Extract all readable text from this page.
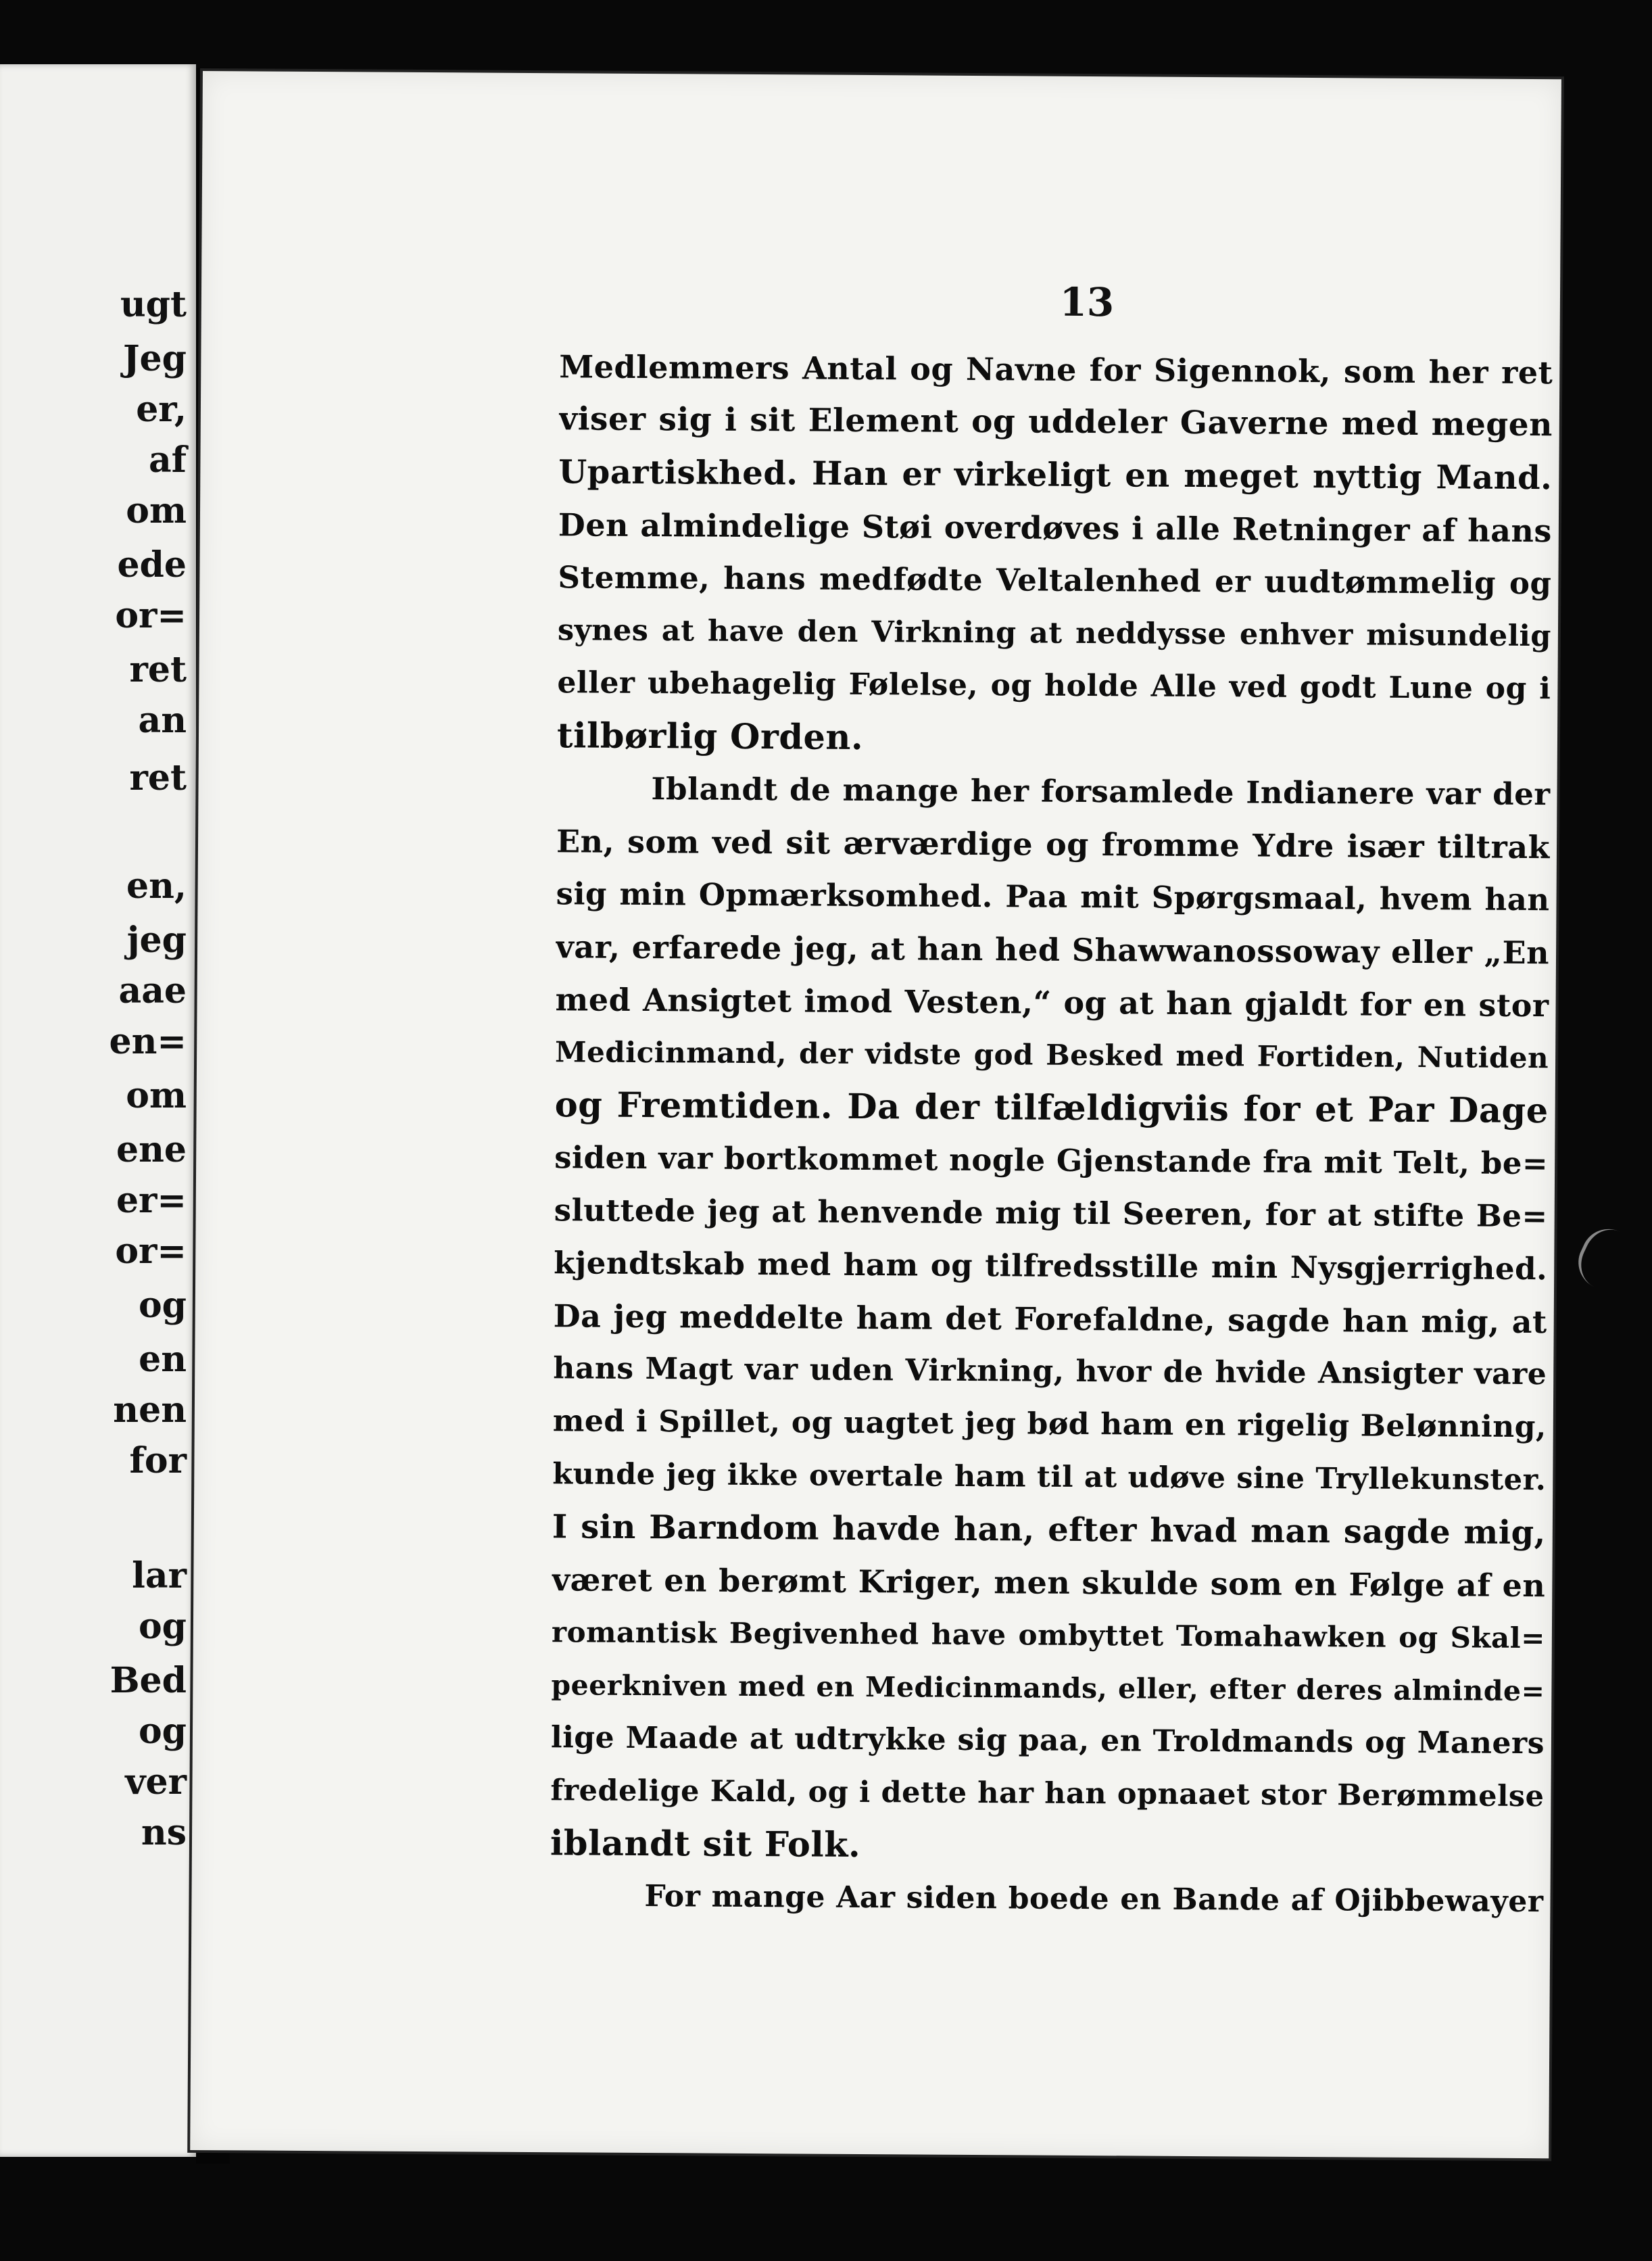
ugt
Jeg
er,
af
om
ede
or=
ret
an
ret
en,
jeg
aae
en=
om
ene
er=
or=
og
en
nen
for
lar
og
Bed
og
ver
ns
13
Medlemmers Antal og Navne for Sigennok, som her ret
viser sig i sit Element og uddeler Gaverne med megen
Upartiskhed. Han er virkeligt en meget nyttig Mand.
Den almindelige Støi overdøves i alle Retninger af hans
Stemme, hans medfødte Veltalenhed er uudtømmelig og
synes at have den Virkning at neddysse enhver misundelig
eller ubehagelig Følelse, og holde Alle ved godt Lune og i
tilbørlig Orden.
Iblandt de mange her forsamlede Indianere var der
En, som ved sit ærværdige og fromme Ydre især tiltrak
sig min Opmærksomhed. Paa mit Spørgsmaal, hvem han
var, erfarede jeg, at han hed Shawwanossoway eller „En
med Ansigtet imod Vesten,“ og at han gjaldt for en stor
Medicinmand, der vidste god Besked med Fortiden, Nutiden
og Fremtiden. Da der tilfældigviis for et Par Dage
siden var bortkommet nogle Gjenstande fra mit Telt, be=
sluttede jeg at henvende mig til Seeren, for at stifte Be=
kjendtskab med ham og tilfredsstille min Nysgjerrighed.
Da jeg meddelte ham det Forefaldne, sagde han mig, at
hans Magt var uden Virkning, hvor de hvide Ansigter vare
med i Spillet, og uagtet jeg bød ham en rigelig Belønning,
kunde jeg ikke overtale ham til at udøve sine Tryllekunster.
I sin Barndom havde han, efter hvad man sagde mig,
været en berømt Kriger, men skulde som en Følge af en
romantisk Begivenhed have ombyttet Tomahawken og Skal=
peerkniven med en Medicinmands, eller, efter deres alminde=
lige Maade at udtrykke sig paa, en Troldmands og Maners
fredelige Kald, og i dette har han opnaaet stor Berømmelse
iblandt sit Folk.
For mange Aar siden boede en Bande af Ojibbewayer
